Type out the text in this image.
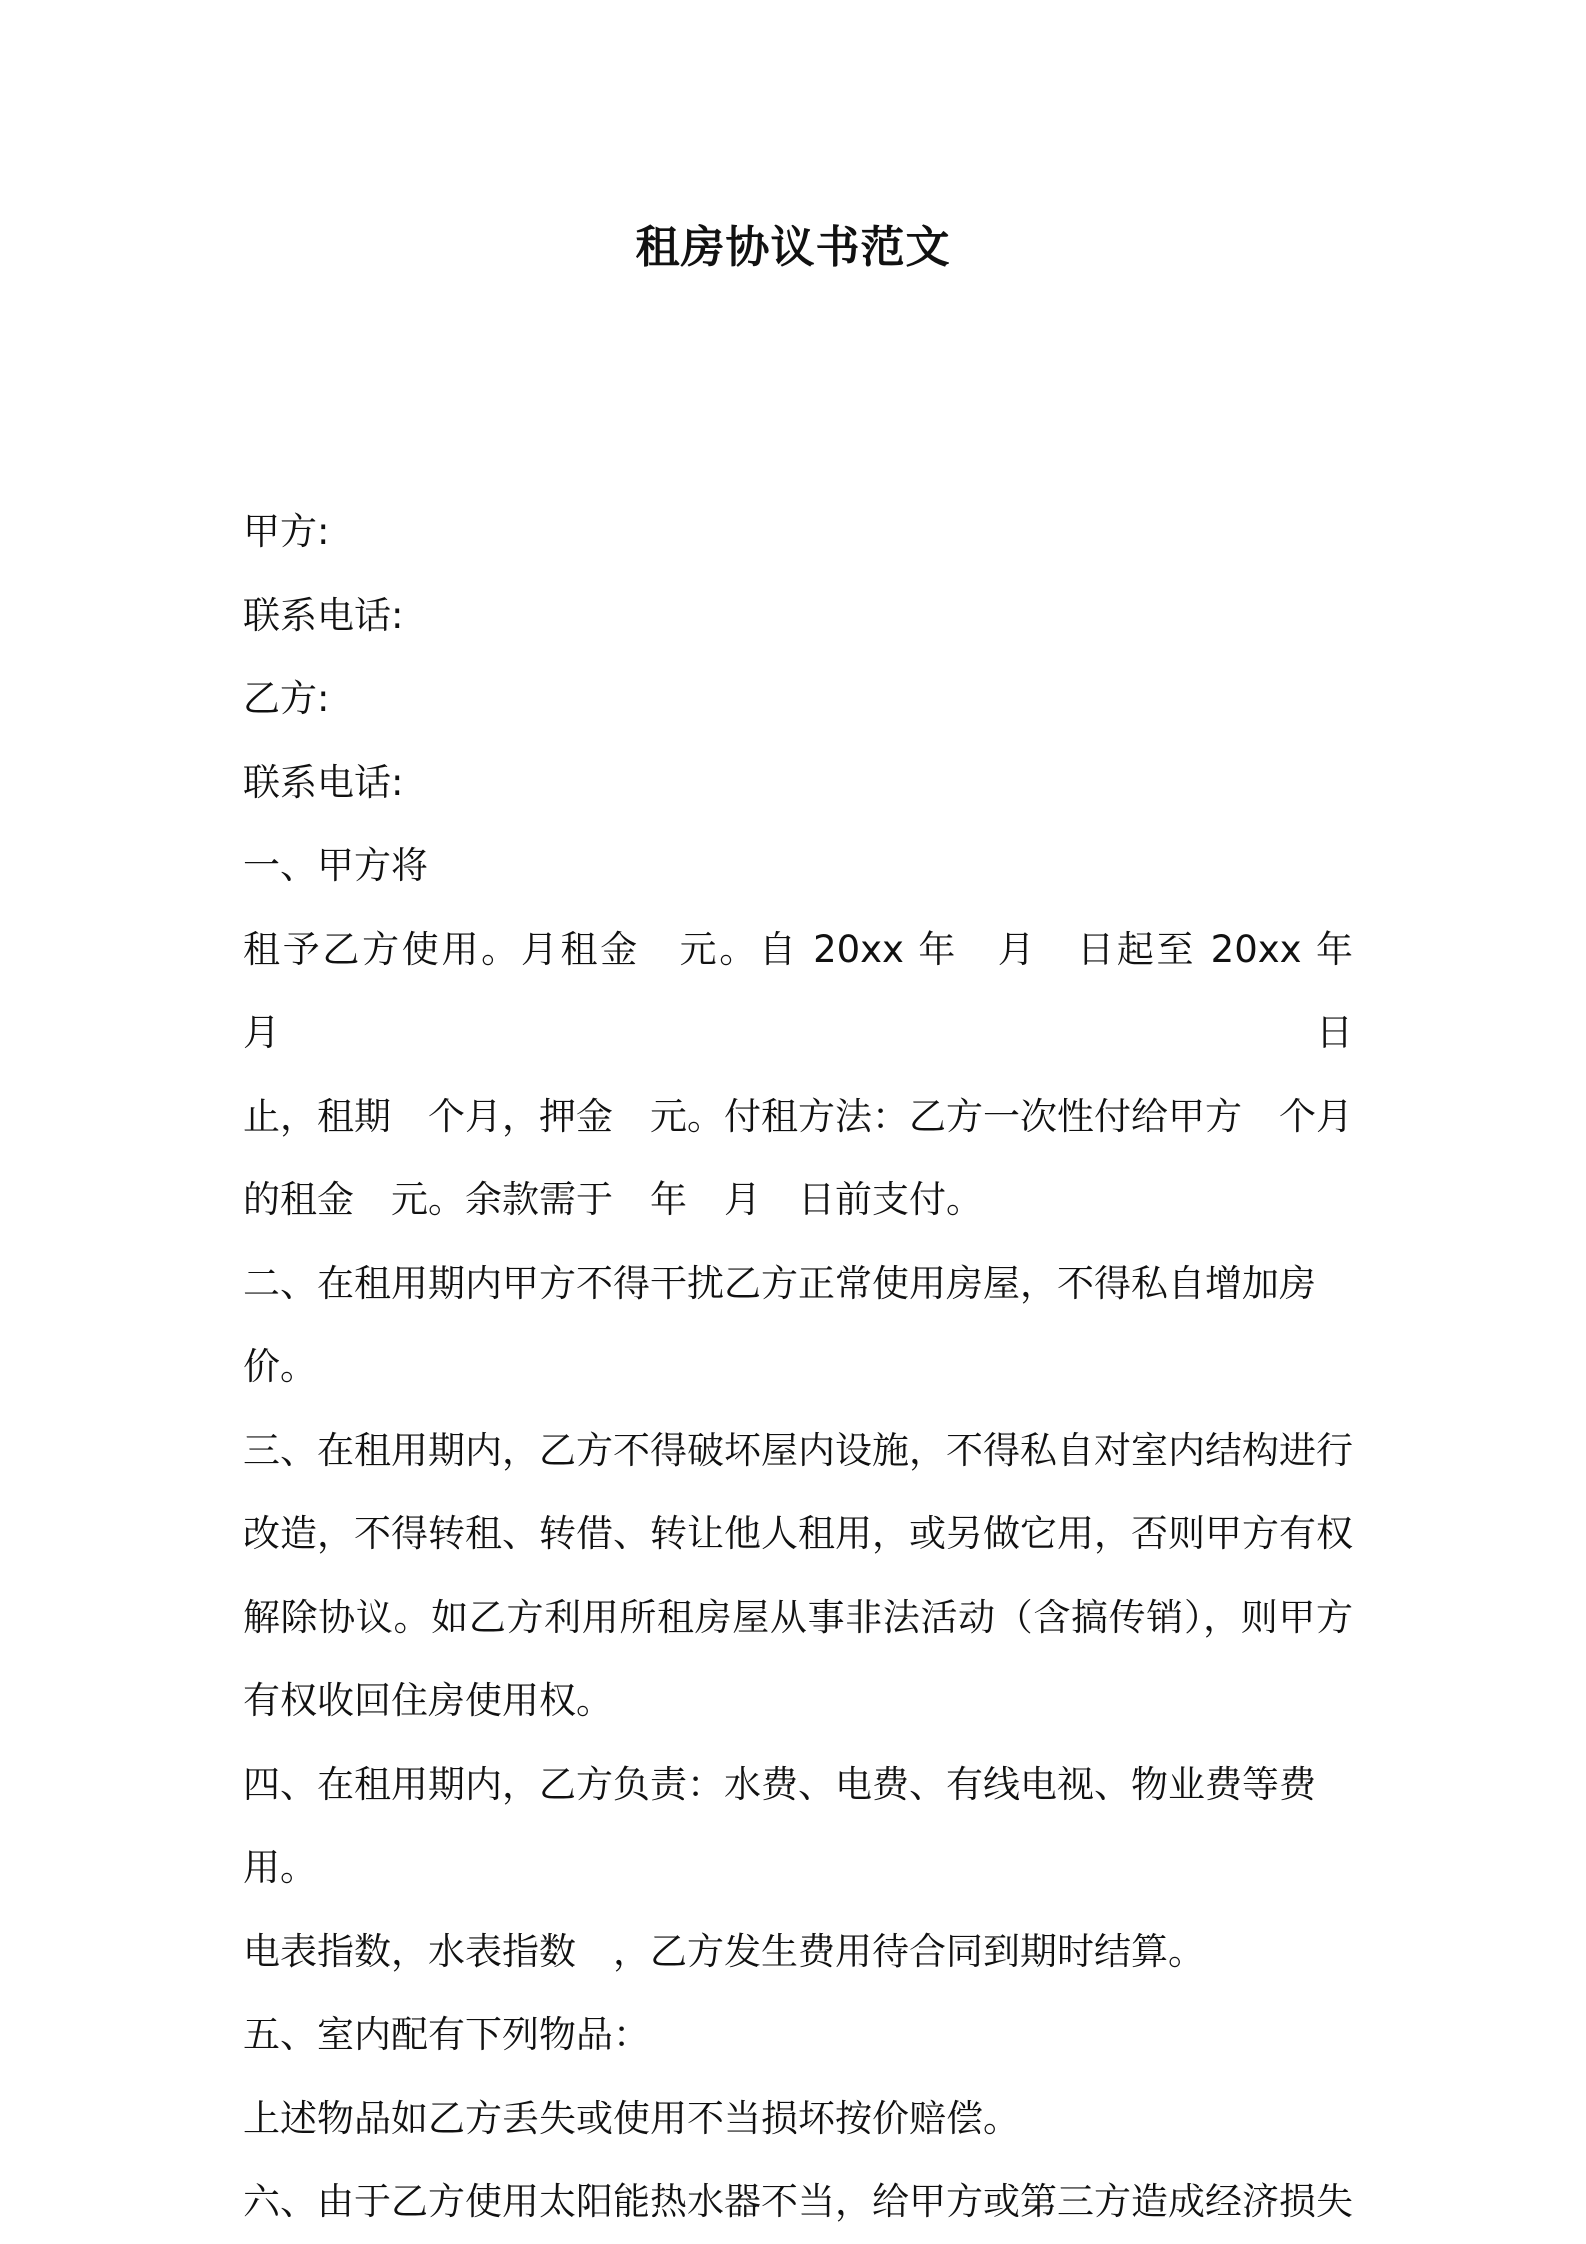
租房协议书范文

甲方:

联系电话:

乙方:

联系电话:

一、甲方将

租予乙方使用。月租金　元。自 20xx 年　月　日起至 20xx 年　月　日

止，租期　个月，押金　元。付租方法：乙方一次性付给甲方　个月

的租金　元。余款需于　年　月　日前支付。

二、在租用期内甲方不得干扰乙方正常使用房屋，不得私自增加房价。

三、在租用期内，乙方不得破坏屋内设施，不得私自对室内结构进行

改造，不得转租、转借、转让他人租用，或另做它用，否则甲方有权

解除协议。如乙方利用所租房屋从事非法活动（含搞传销），则甲方

有权收回住房使用权。

四、在租用期内，乙方负责：水费、电费、有线电视、物业费等费用。

电表指数，水表指数　，乙方发生费用待合同到期时结算。

五、室内配有下列物品：

上述物品如乙方丢失或使用不当损坏按价赔偿。

六、由于乙方使用太阳能热水器不当，给甲方或第三方造成经济损失
